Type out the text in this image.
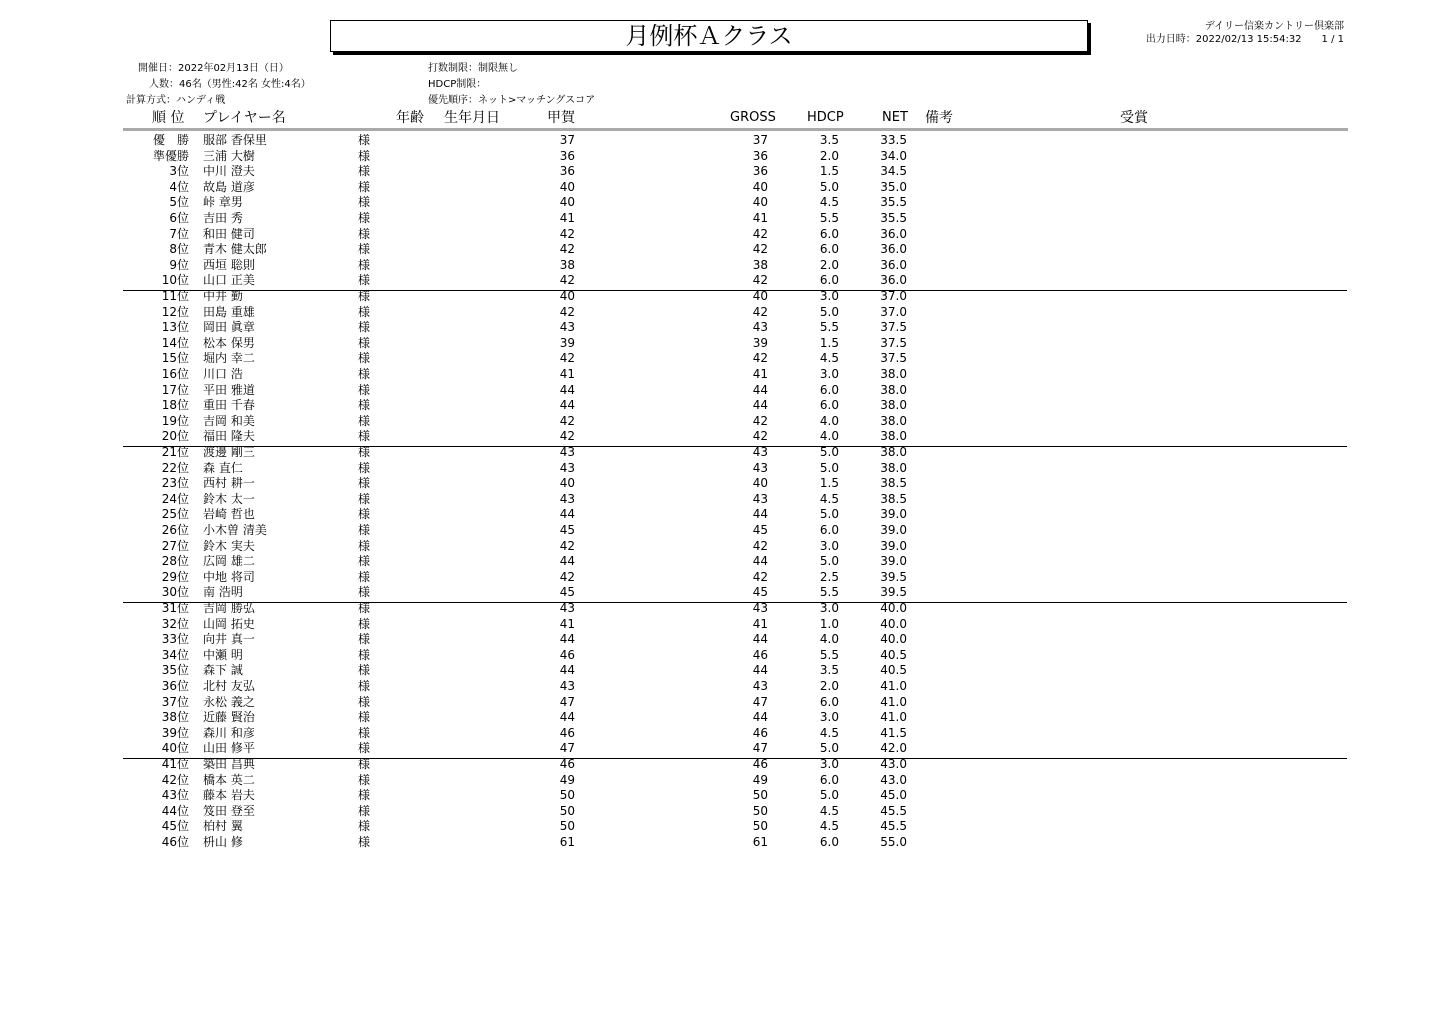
月例杯Ａクラス	デイリー信楽カントリー倶楽部
出力日時：2022/02/13 15:54:32　　1 / 1
開催日：2022年02月13日（日）
人数：46名（男性:42名 女性:4名）
計算方式：ハンディ戦
打数制限：制限無し
HDCP制限：
優先順序：ネット>マッチングスコア
順 位 プレイヤー名	年齢 生年月日	甲賀	GROSS HDCP	NET 備考	受賞
優　勝 服部 香保里	様	37	37	3.5	33.5
準優勝 三浦 大樹	様	36	36	2.0	34.0
3位 中川 澄夫	様	36	36	1.5	34.5
4位 故島 道彦	様	40	40	5.0	35.0
5位 峠 章男	様	40	40	4.5	35.5
6位 吉田 秀	様	41	41	5.5	35.5
7位 和田 健司	様	42	42	6.0	36.0
8位 青木 健太郎	様	42	42	6.0	36.0
9位 西垣 聡則	様	38	38	2.0	36.0
10位 山口 正美	様	42	42	6.0	36.0
11位 中井 勤	様	40	40	3.0	37.0
12位 田島 重雄	様	42	42	5.0	37.0
13位 岡田 眞章	様	43	43	5.5	37.5
14位 松本 保男	様	39	39	1.5	37.5
15位 堀内 幸二	様	42	42	4.5	37.5
16位 川口 浩	様	41	41	3.0	38.0
17位 平田 雅道	様	44	44	6.0	38.0
18位 重田 千春	様	44	44	6.0	38.0
19位 吉岡 和美	様	42	42	4.0	38.0
20位 福田 隆夫	様	42	42	4.0	38.0
21位 渡邊 剛三	様	43	43	5.0	38.0
22位 森 直仁	様	43	43	5.0	38.0
23位 西村 耕一	様	40	40	1.5	38.5
24位 鈴木 太一	様	43	43	4.5	38.5
25位 岩崎 哲也	様	44	44	5.0	39.0
26位 小木曽 清美	様	45	45	6.0	39.0
27位 鈴木 実夫	様	42	42	3.0	39.0
28位 広岡 雄二	様	44	44	5.0	39.0
29位 中地 将司	様	42	42	2.5	39.5
30位 南 浩明	様	45	45	5.5	39.5
31位 吉岡 勝弘	様	43	43	3.0	40.0
32位 山岡 拓史	様	41	41	1.0	40.0
33位 向井 真一	様	44	44	4.0	40.0
34位 中瀬 明	様	46	46	5.5	40.5
35位 森下 誠	様	44	44	3.5	40.5
36位 北村 友弘	様	43	43	2.0	41.0
37位 永松 義之	様	47	47	6.0	41.0
38位 近藤 賢治	様	44	44	3.0	41.0
39位 森川 和彦	様	46	46	4.5	41.5
40位 山田 修平	様	47	47	5.0	42.0
41位 築田 昌典	様	46	46	3.0	43.0
42位 橋本 英二	様	49	49	6.0	43.0
43位 藤本 岩夫	様	50	50	5.0	45.0
44位 笈田 登至	様	50	50	4.5	45.5
45位 柏村 翼	様	50	50	4.5	45.5
46位 枡山 修	様	61	61	6.0	55.0
